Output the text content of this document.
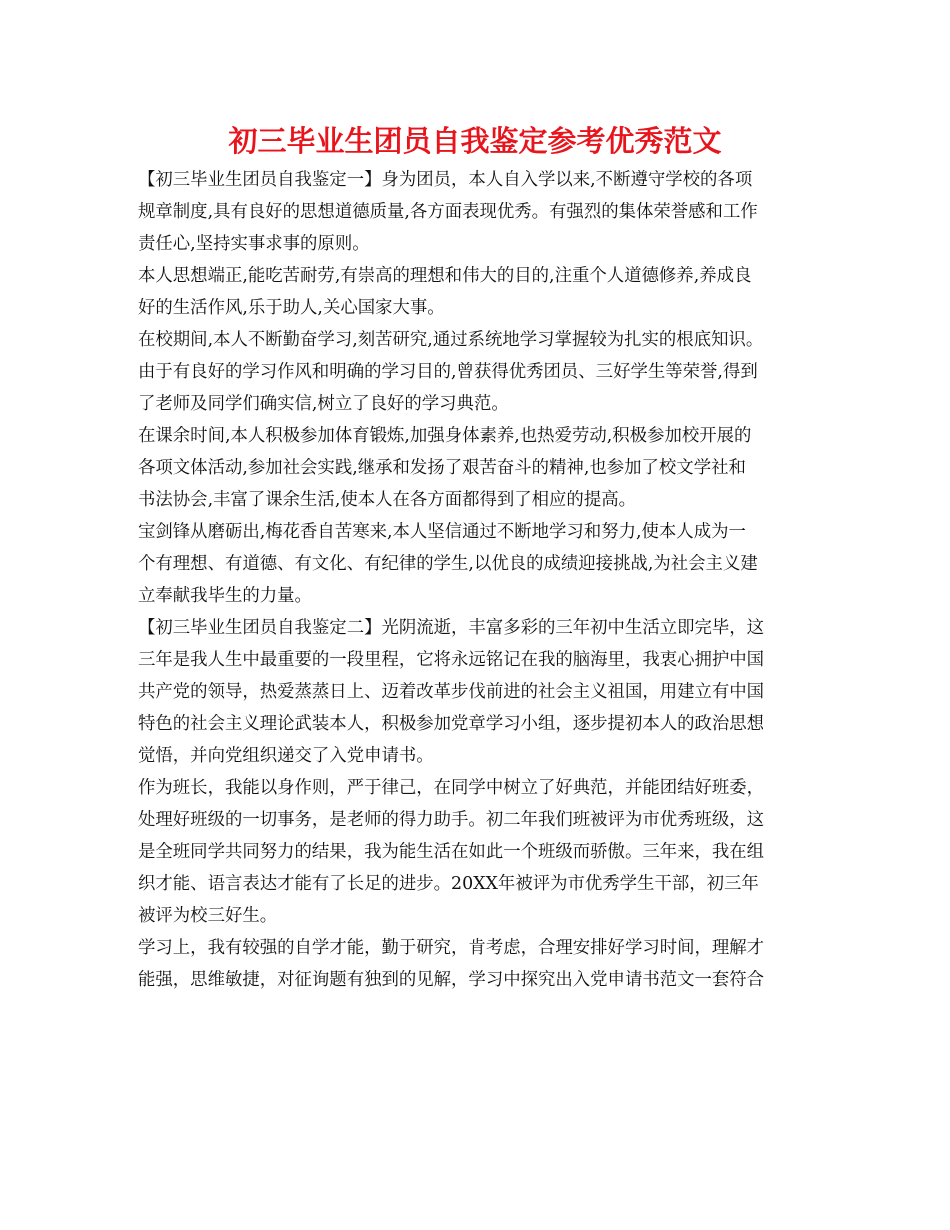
初三毕业生团员自我鉴定参考优秀范文
【初三毕业生团员自我鉴定一】身为团员，本人自入学以来,不断遵守学校的各项
规章制度,具有良好的思想道德质量,各方面表现优秀。有强烈的集体荣誉感和工作
责任心,坚持实事求事的原则。
本人思想端正,能吃苦耐劳,有崇高的理想和伟大的目的,注重个人道德修养,养成良
好的生活作风,乐于助人,关心国家大事。
在校期间,本人不断勤奋学习,刻苦研究,通过系统地学习掌握较为扎实的根底知识。
由于有良好的学习作风和明确的学习目的,曾获得优秀团员、三好学生等荣誉,得到
了老师及同学们确实信,树立了良好的学习典范。
在课余时间,本人积极参加体育锻炼,加强身体素养,也热爱劳动,积极参加校开展的
各项文体活动,参加社会实践,继承和发扬了艰苦奋斗的精神,也参加了校文学社和
书法协会,丰富了课余生活,使本人在各方面都得到了相应的提高。
宝剑锋从磨砺出,梅花香自苦寒来,本人坚信通过不断地学习和努力,使本人成为一
个有理想、有道德、有文化、有纪律的学生,以优良的成绩迎接挑战,为社会主义建
立奉献我毕生的力量。
【初三毕业生团员自我鉴定二】光阴流逝，丰富多彩的三年初中生活立即完毕，这
三年是我人生中最重要的一段里程，它将永远铭记在我的脑海里，我衷心拥护中国
共产党的领导，热爱蒸蒸日上、迈着改革步伐前进的社会主义祖国，用建立有中国
特色的社会主义理论武装本人，积极参加党章学习小组，逐步提初本人的政治思想
觉悟，并向党组织递交了入党申请书。
作为班长，我能以身作则，严于律己，在同学中树立了好典范，并能团结好班委，
处理好班级的一切事务，是老师的得力助手。初二年我们班被评为市优秀班级，这
是全班同学共同努力的结果，我为能生活在如此一个班级而骄傲。三年来，我在组
织才能、语言表达才能有了长足的进步。20XX年被评为市优秀学生干部，初三年
被评为校三好生。
学习上，我有较强的自学才能，勤于研究，肯考虑，合理安排好学习时间，理解才
能强，思维敏捷，对征询题有独到的见解，学习中探究出入党申请书范文一套符合
